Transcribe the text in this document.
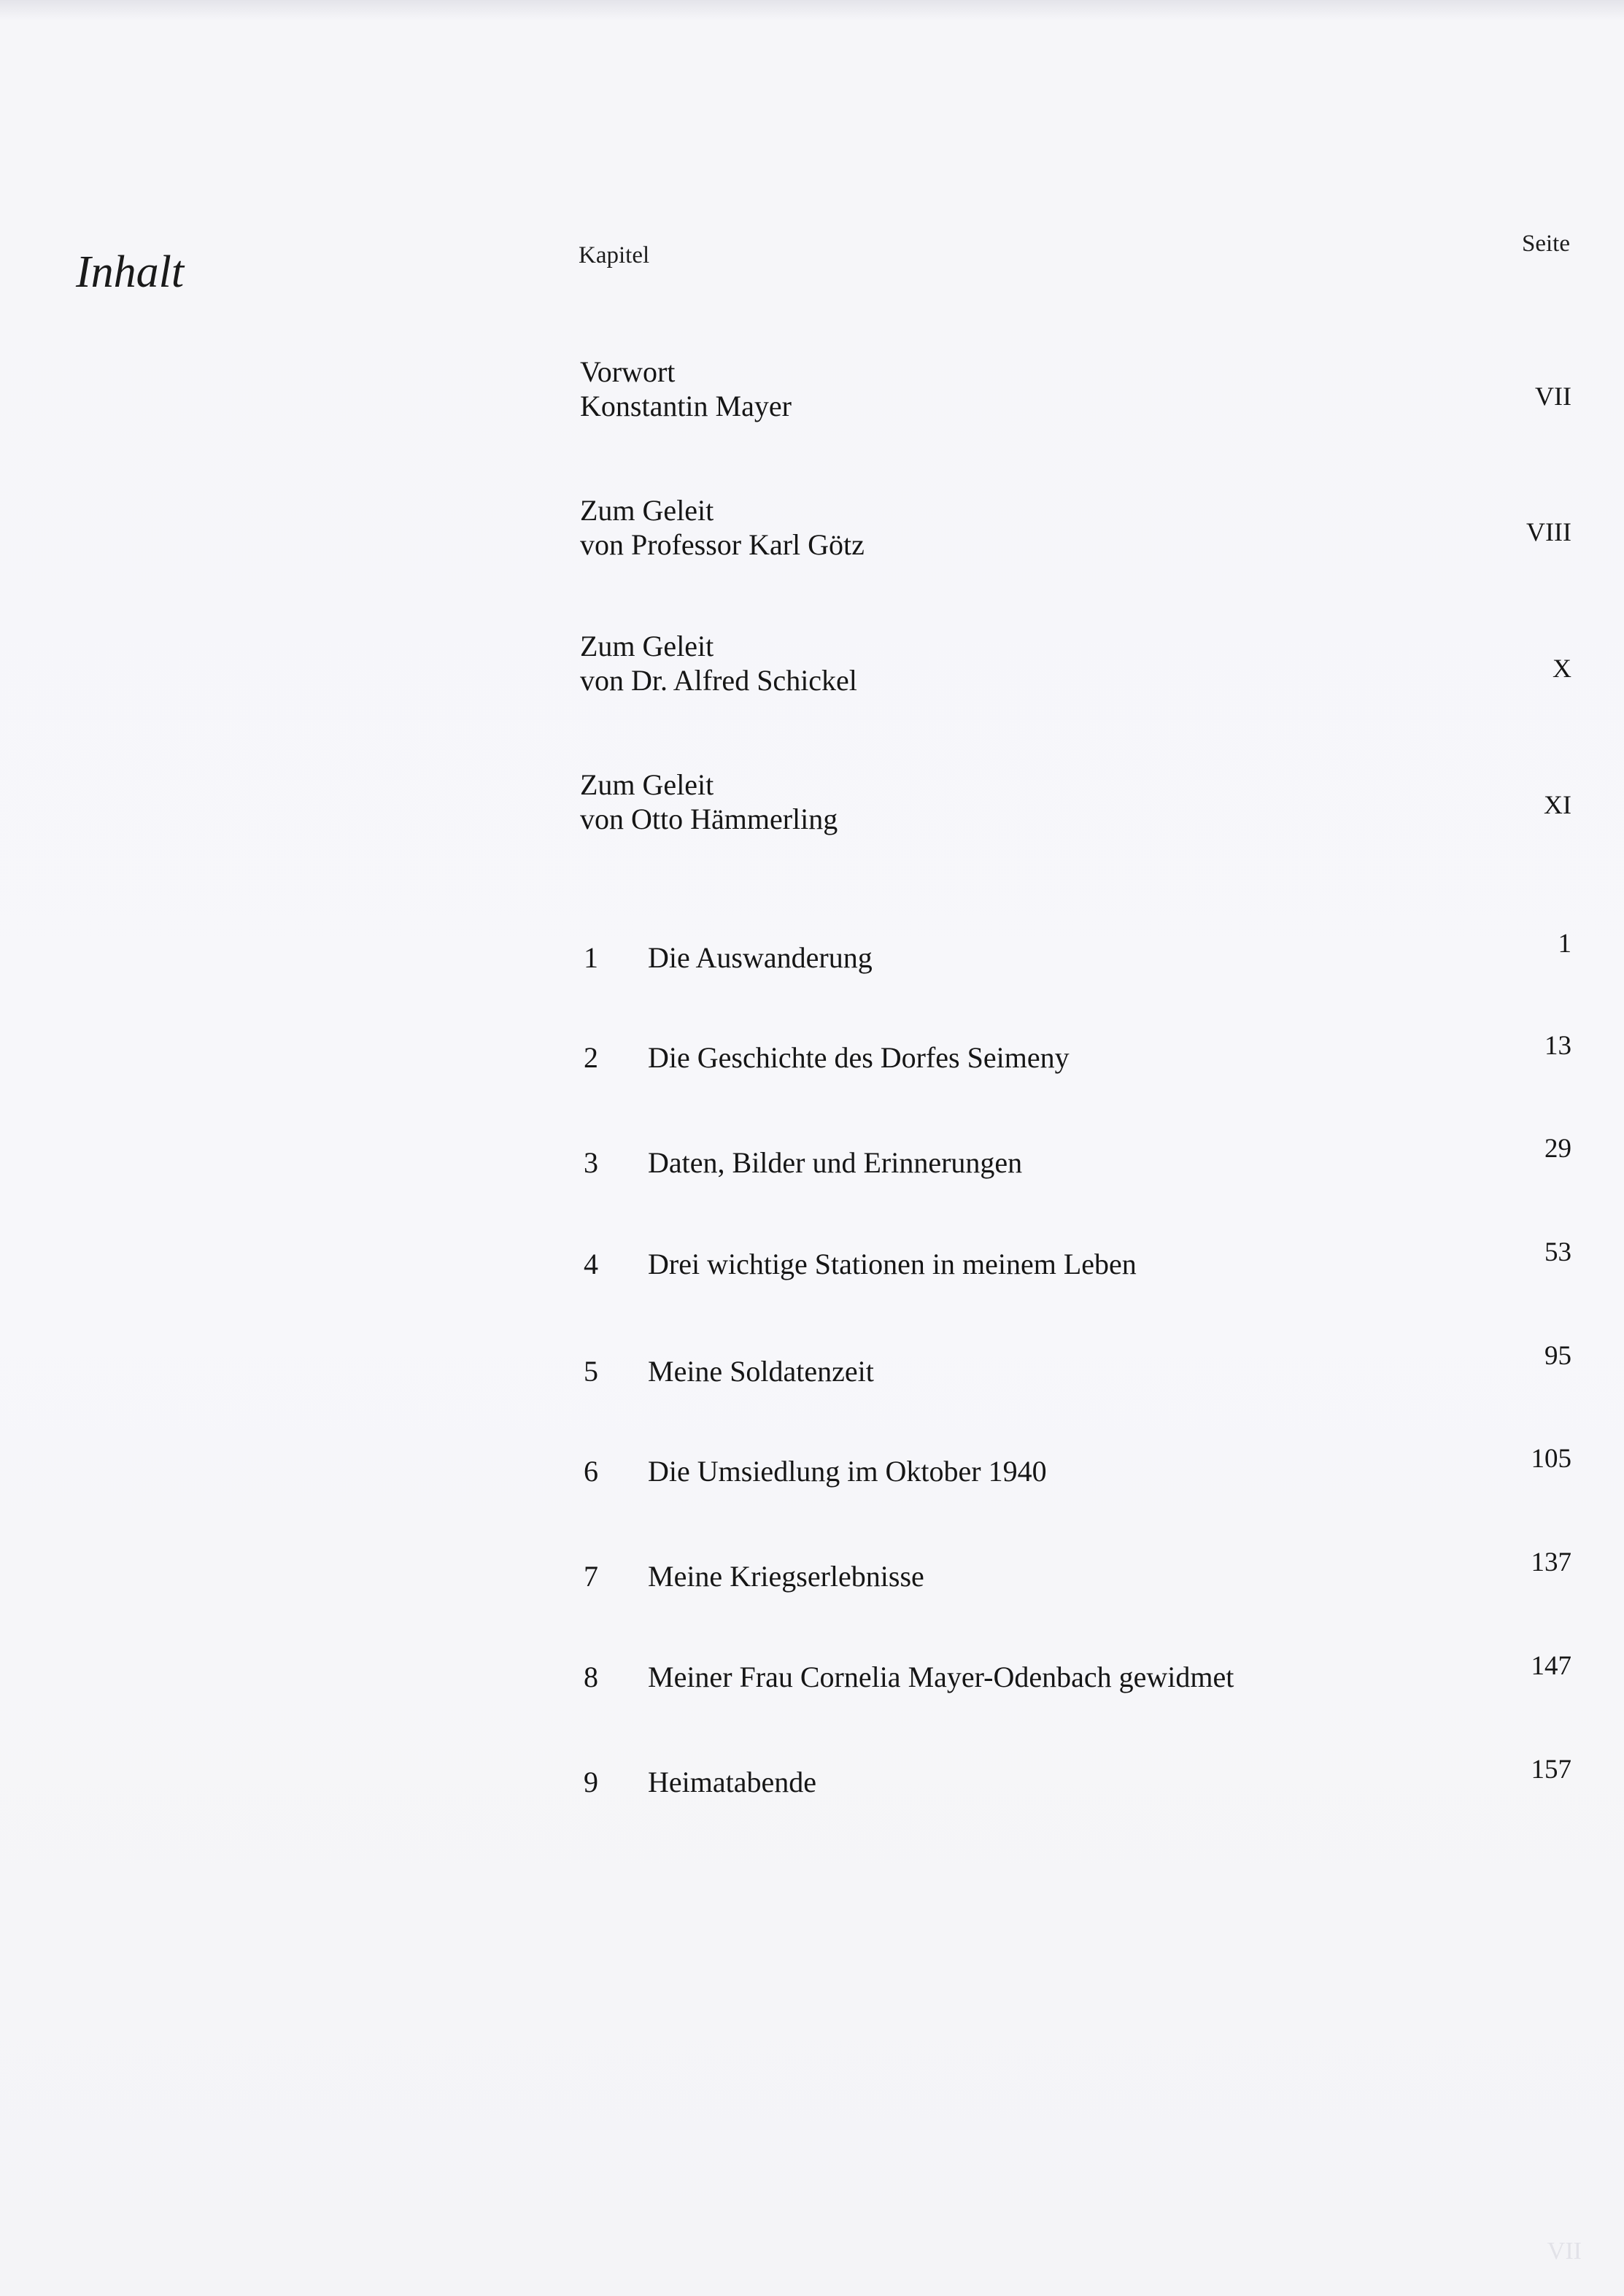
Inhalt	Kapitel	Seite
Vorwort
Konstantin Mayer	VII
Zum Geleit
von Professor Karl Götz	VIII
Zum Geleit
von Dr. Alfred Schickel	X
Zum Geleit
von Otto Hämmerling	XI
1 Die Auswanderung	1
2 Die Geschichte des Dorfes Seimeny	13
3 Daten, Bilder und Erinnerungen	29
4 Drei wichtige Stationen in meinem Leben	53
5 Meine Soldatenzeit	95
6 Die Umsiedlung im Oktober 1940	105
7 Meine Kriegserlebnisse	137
8 Meiner Frau Cornelia Mayer-Odenbach gewidmet	147
9 Heimatabende	157
VII
